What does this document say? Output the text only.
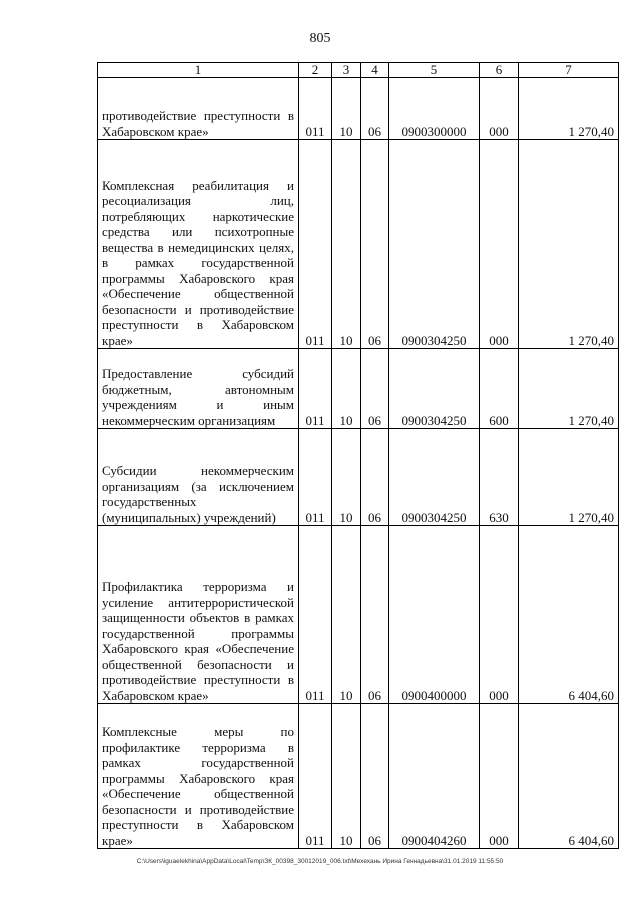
805
1	2	3	4	5	6	7
противодействие преступности в Хабаровском крае»	011	10	06	0900300000	000	1 270,40
Комплексная реабилитация и ресоциализация лиц, потребляющих наркотические средства или психотропные вещества в немедицинских целях, в рамках государственной программы Хабаровского края «Обеспечение общественной безопасности и противодействие преступности в Хабаровском крае»	011	10	06	0900304250	000	1 270,40
Предоставление субсидий бюджетным, автономным учреждениям и иным некоммерческим организациям	011	10	06	0900304250	600	1 270,40
Субсидии некоммерческим организациям (за исключением государственных (муниципальных) учреждений)	011	10	06	0900304250	630	1 270,40
Профилактика терроризма и усиление антитеррористической защищенности объектов в рамках государственной программы Хабаровского края «Обеспечение общественной безопасности и противодействие преступности в Хабаровском крае»	011	10	06	0900400000	000	6 404,60
Комплексные меры по профилактике терроризма в рамках государственной программы Хабаровского края «Обеспечение общественной безопасности и противодействие преступности в Хабаровском крае»	011	10	06	0900404260	000	6 404,60
C:\Users\iguaelekhina\AppData\Local\Temp\ЗК_00398_30012019_006.txt\Мехехань Ирина Геннадьевна\31.01.2019 11:55:50
